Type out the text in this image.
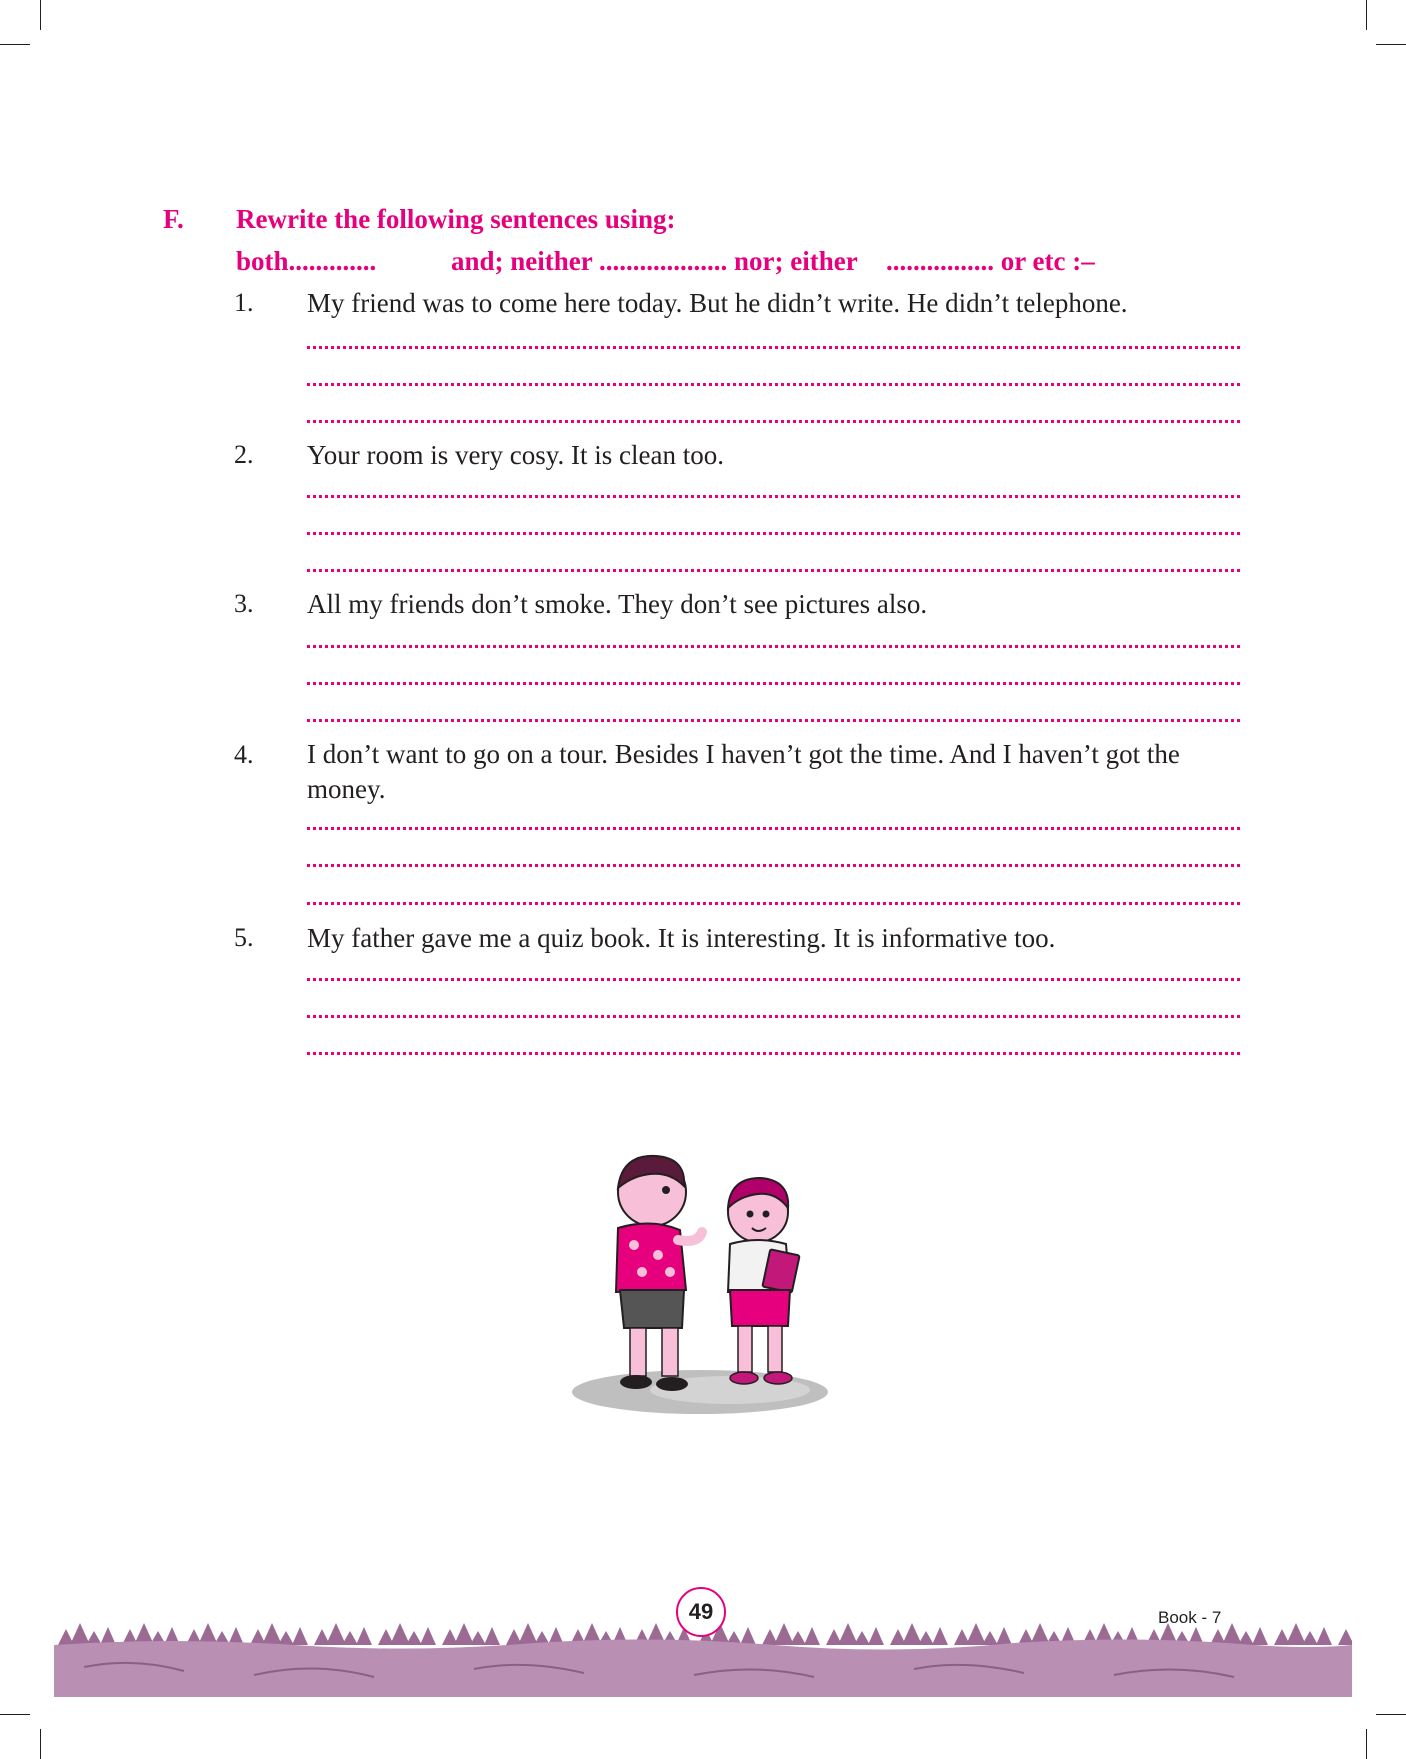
F. Rewrite the following sentences using:
both.............	and; neither ................... nor; either ................ or etc :–
1. My friend was to come here today. But he didn’t write. He didn’t telephone.
2. Your room is very cosy. It is clean too.
3. All my friends don’t smoke. They don’t see pictures also.
4. I don’t want to go on a tour. Besides I haven’t got the time. And I haven’t got the money.
5. My father gave me a quiz book. It is interesting. It is informative too.
49	Book - 7
